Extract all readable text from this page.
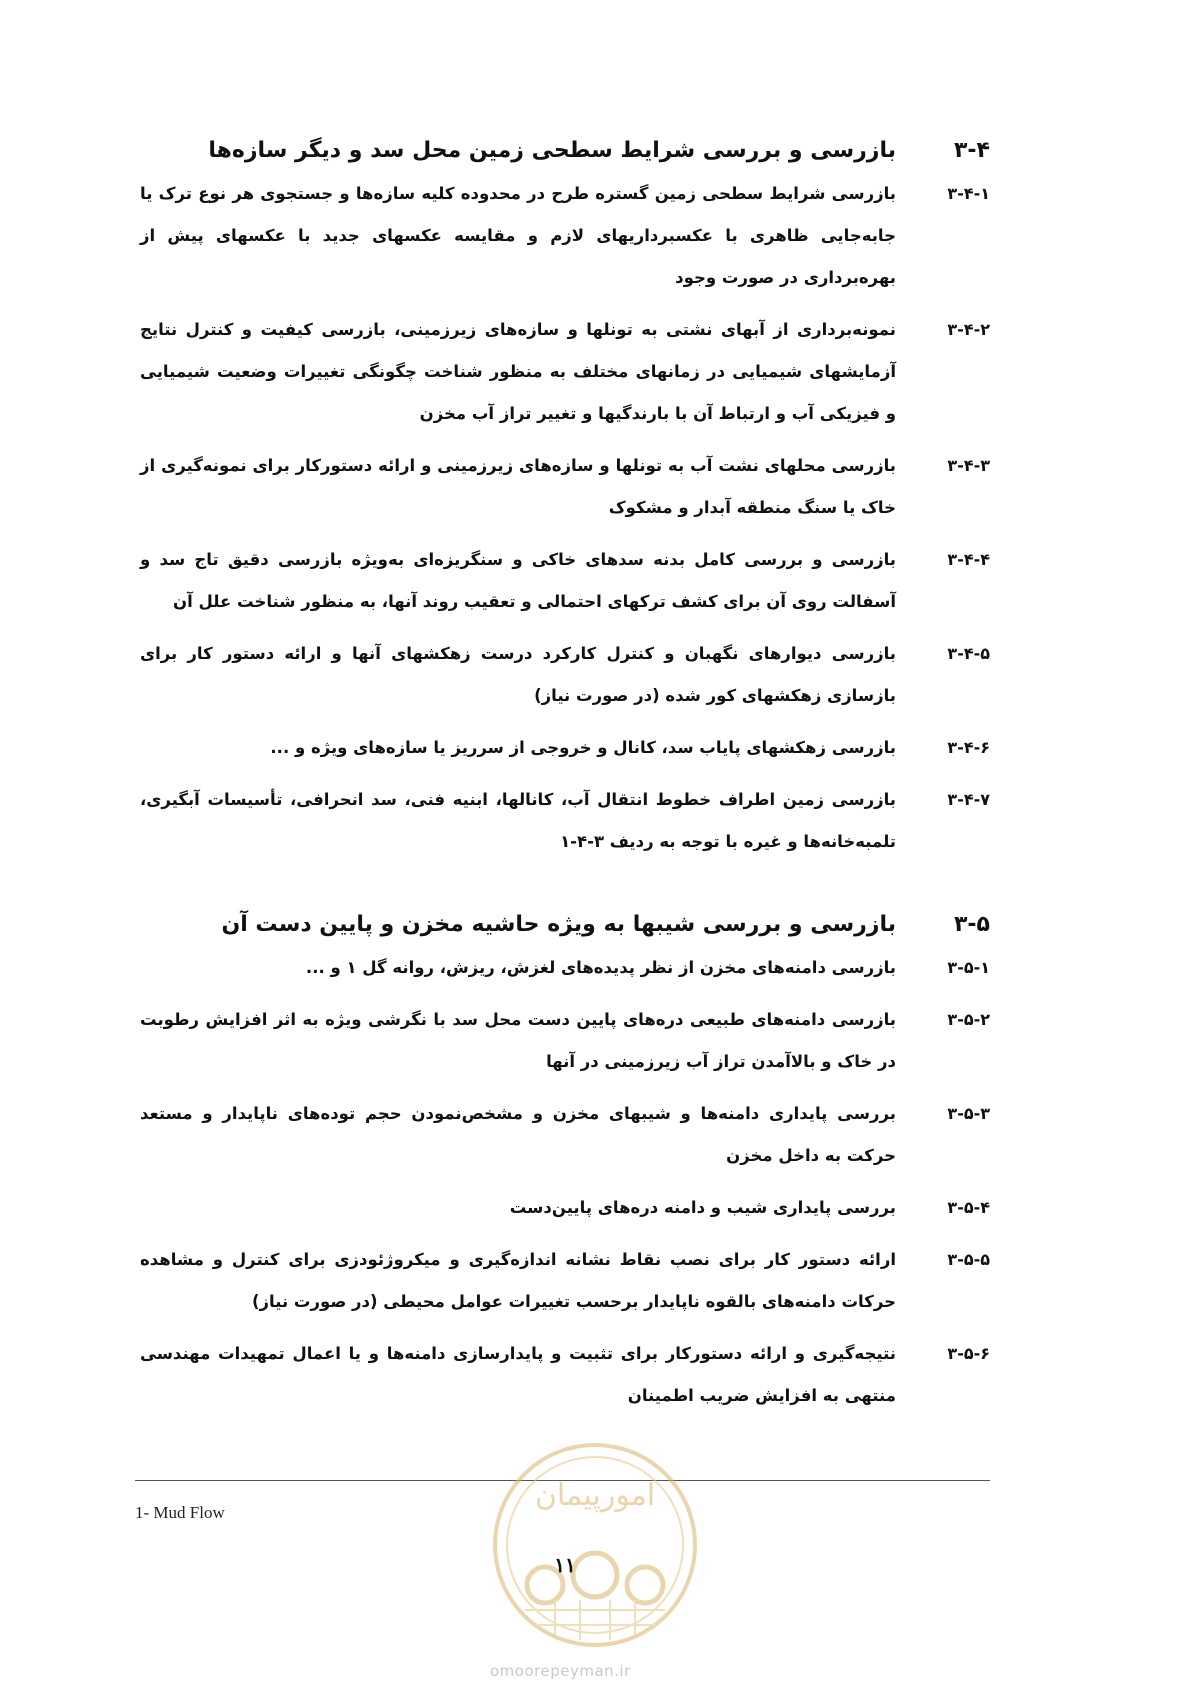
۳-۴
بازرسی و بررسی شرایط سطحی زمین محل سد و دیگر سازه‌ها
۳-۴-۱
بازرسی شرایط سطحی زمین گستره طرح در محدوده کلیه سازه‌ها و جستجوی هر نوع ترک یا جابه‌جایی ظاهری با عکسبرداریهای لازم و مقایسه عکسهای جدید با عکسهای پیش از بهره‌برداری در صورت وجود
۳-۴-۲
نمونه‌برداری از آبهای نشتی به تونلها و سازه‌های زیرزمینی، بازرسی کیفیت و کنترل نتایج آزمایشهای شیمیایی در زمانهای مختلف به منظور شناخت چگونگی تغییرات وضعیت شیمیایی و فیزیکی آب و ارتباط آن با بارندگیها و تغییر تراز آب مخزن
۳-۴-۳
بازرسی محلهای نشت آب به تونلها و سازه‌های زیرزمینی و ارائه دستورکار برای نمونه‌گیری از خاک یا سنگ منطقه آبدار و مشکوک
۳-۴-۴
بازرسی و بررسی کامل بدنه سدهای خاکی و سنگریزه‌ای به‌ویژه بازرسی دقیق تاج سد و آسفالت روی آن برای کشف ترکهای احتمالی و تعقیب روند آنها، به منظور شناخت علل آن
۳-۴-۵
بازرسی دیوارهای نگهبان و کنترل کارکرد درست زهکشهای آنها و ارائه دستور کار برای بازسازی زهکشهای کور شده (در صورت نیاز)
۳-۴-۶
بازرسی زهکشهای پایاب سد، کانال و خروجی از سرریز یا سازه‌های ویژه و ...
۳-۴-۷
بازرسی زمین اطراف خطوط انتقال آب، کانالها، ابنیه فنی، سد انحرافی، تأسیسات آبگیری، تلمبه‌خانه‌ها و غیره با توجه به ردیف ۳-۴-۱
۳-۵
بازرسی و بررسی شیبها به ویژه حاشیه مخزن و پایین دست آن
۳-۵-۱
بازرسی دامنه‌های مخزن از نظر پدیده‌های لغزش، ریزش، روانه گل ۱ و ...
۳-۵-۲
بازرسی دامنه‌های طبیعی دره‌های پایین دست محل سد با نگرشی ویژه به اثر افزایش رطوبت در خاک و بالاآمدن تراز آب زیرزمینی در آنها
۳-۵-۳
بررسی پایداری دامنه‌ها و شیبهای مخزن و مشخص‌نمودن حجم توده‌های ناپایدار و مستعد حرکت به داخل مخزن
۳-۵-۴
بررسی پایداری شیب و دامنه دره‌های پایین‌دست
۳-۵-۵
ارائه دستور کار برای نصب نقاط نشانه اندازه‌گیری و میکروژئودزی برای کنترل و مشاهده حرکات دامنه‌های بالقوه ناپایدار برحسب تغییرات عوامل محیطی (در صورت نیاز)
۳-۵-۶
نتیجه‌گیری و ارائه دستورکار برای تثبیت و پایدارسازی دامنه‌ها و یا اعمال تمهیدات مهندسی منتهی به افزایش ضریب اطمینان
1- Mud Flow	امورپیمان
۱۱
omoorepeyman.ir
